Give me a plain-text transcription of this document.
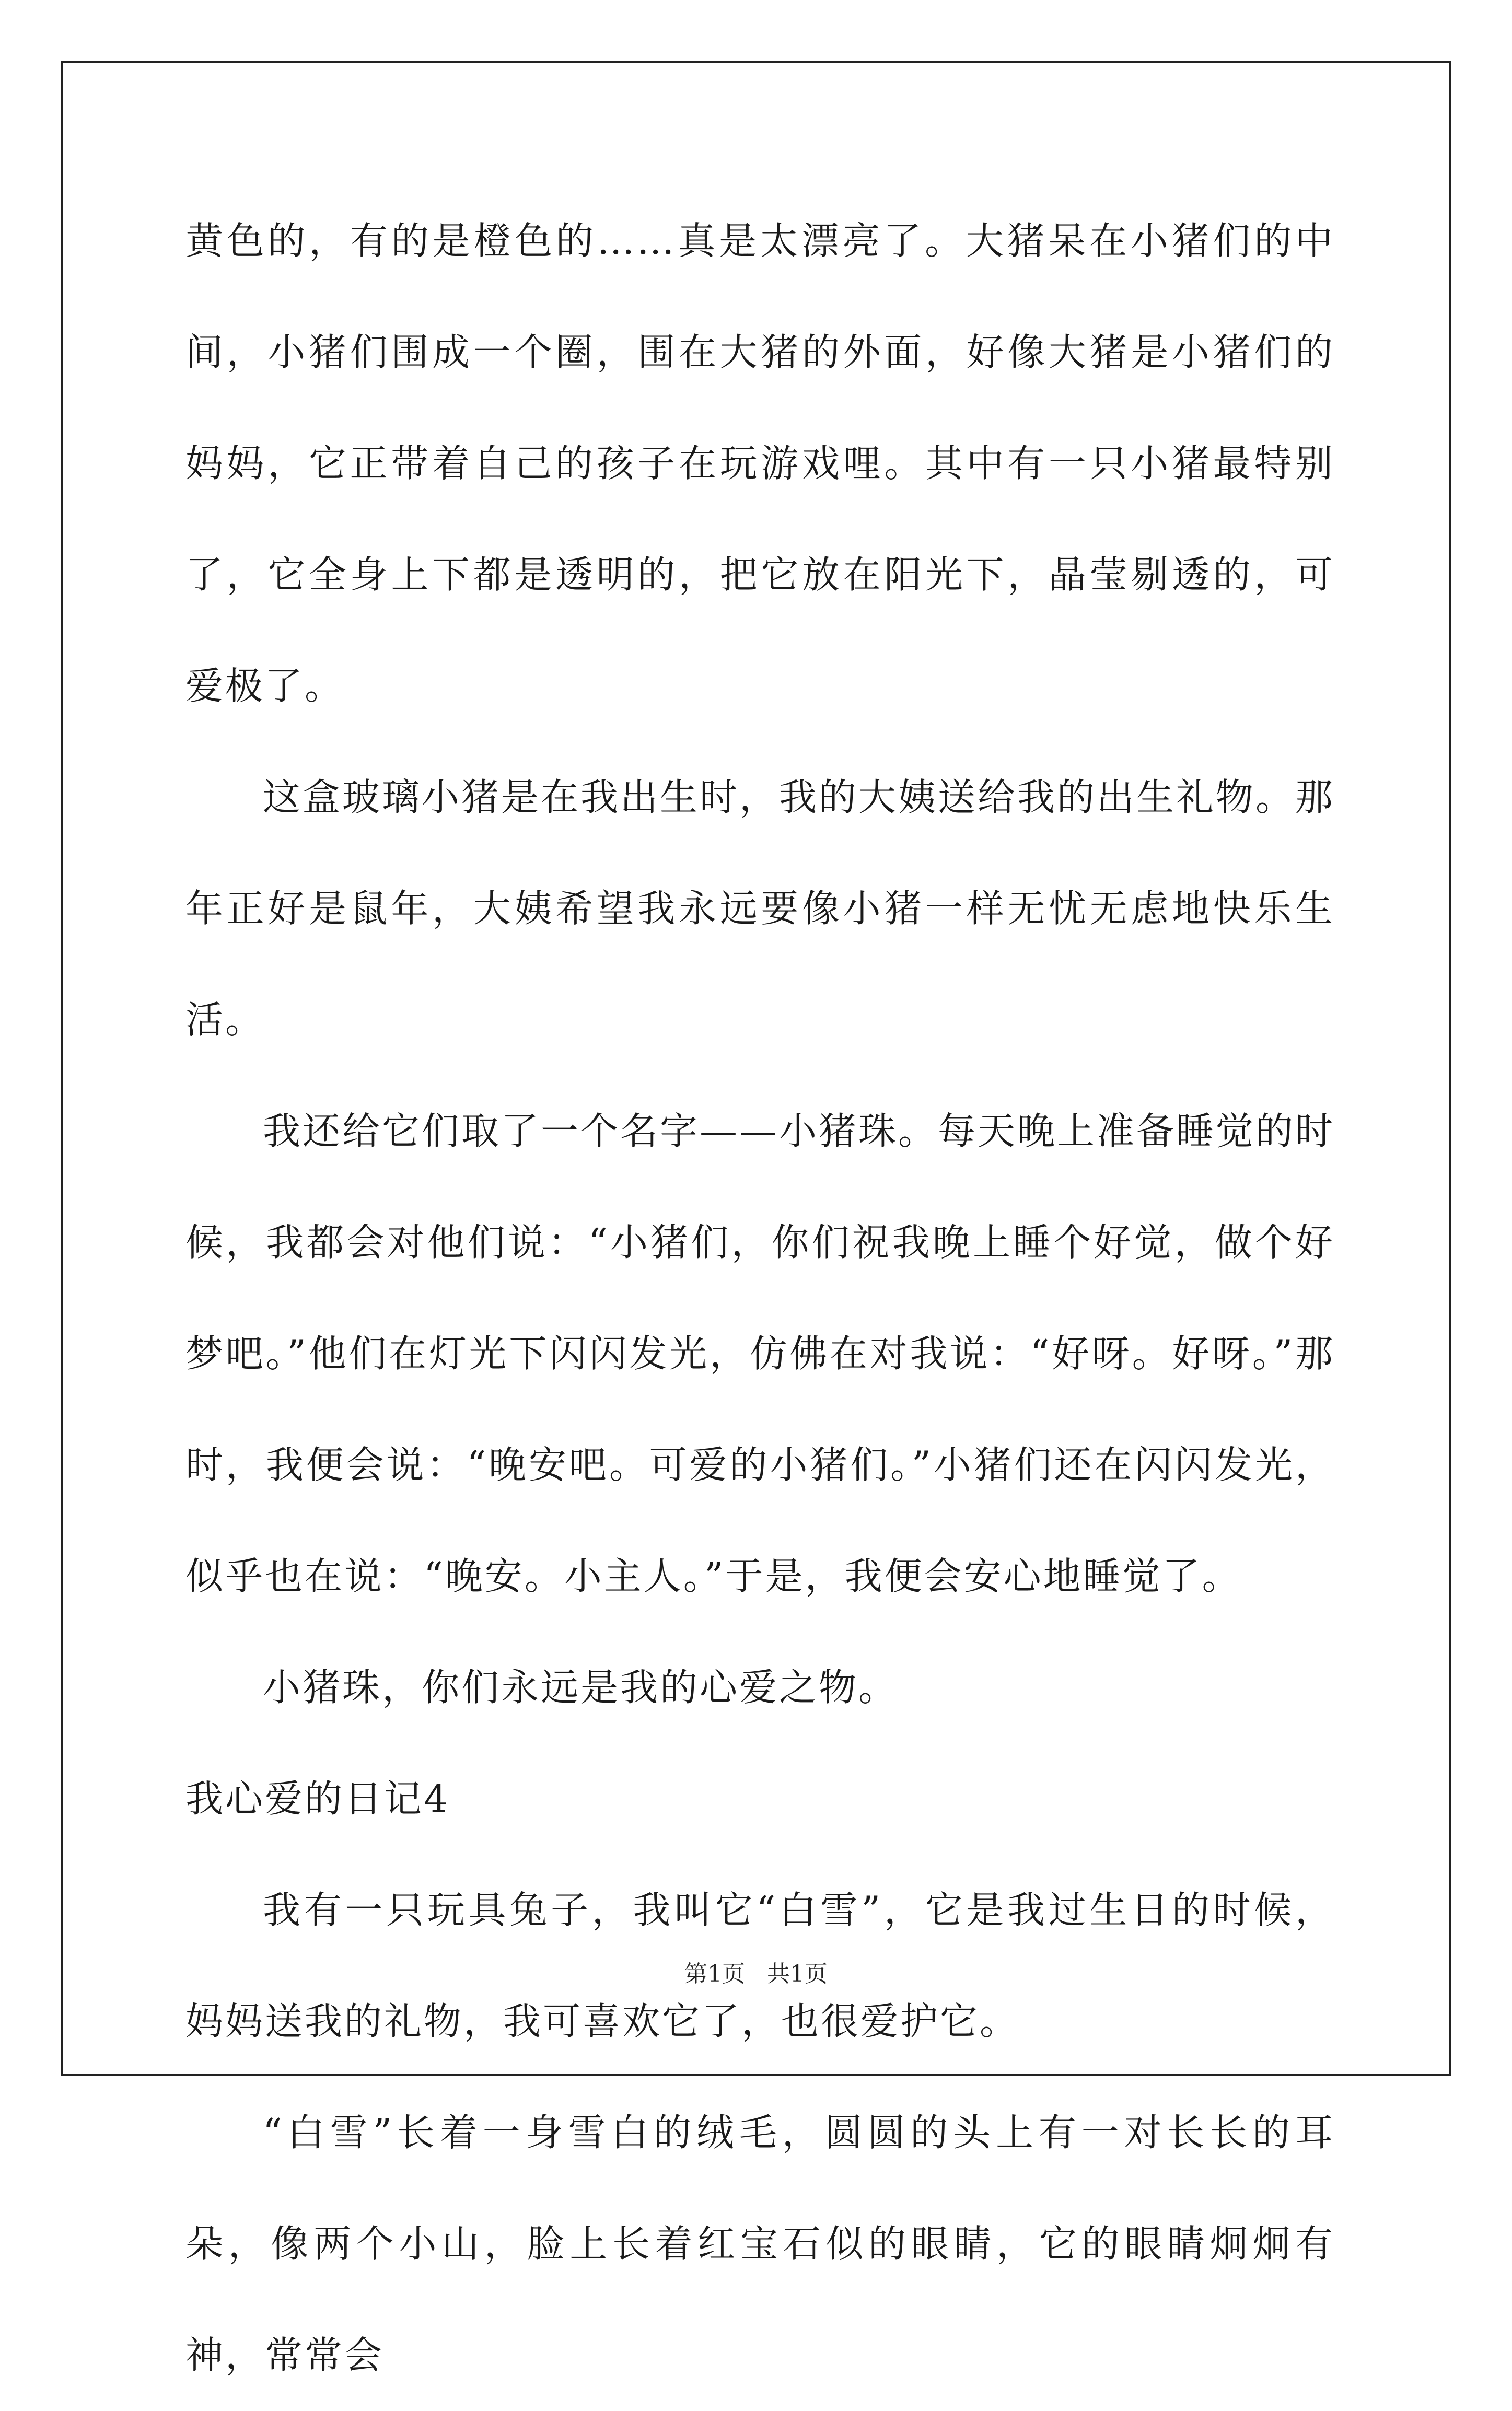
黄色的，有的是橙色的……真是太漂亮了。大猪呆在小猪们的中间，小猪们围成一个圈，围在大猪的外面，好像大猪是小猪们的妈妈，它正带着自己的孩子在玩游戏哩。其中有一只小猪最特别了，它全身上下都是透明的，把它放在阳光下，晶莹剔透的，可爱极了。

这盒玻璃小猪是在我出生时，我的大姨送给我的出生礼物。那年正好是鼠年，大姨希望我永远要像小猪一样无忧无虑地快乐生活。

我还给它们取了一个名字——小猪珠。每天晚上准备睡觉的时候，我都会对他们说：“小猪们，你们祝我晚上睡个好觉，做个好梦吧。”他们在灯光下闪闪发光，仿佛在对我说：“好呀。好呀。”那时，我便会说：“晚安吧。可爱的小猪们。”小猪们还在闪闪发光，似乎也在说：“晚安。小主人。”于是，我便会安心地睡觉了。

小猪珠，你们永远是我的心爱之物。

我心爱的日记4

我有一只玩具兔子，我叫它“白雪”，它是我过生日的时候，妈妈送我的礼物，我可喜欢它了，也很爱护它。

“白雪”长着一身雪白的绒毛，圆圆的头上有一对长长的耳朵，像两个小山，脸上长着红宝石似的眼睛，它的眼睛炯炯有神，常常会

第1页 共1页
